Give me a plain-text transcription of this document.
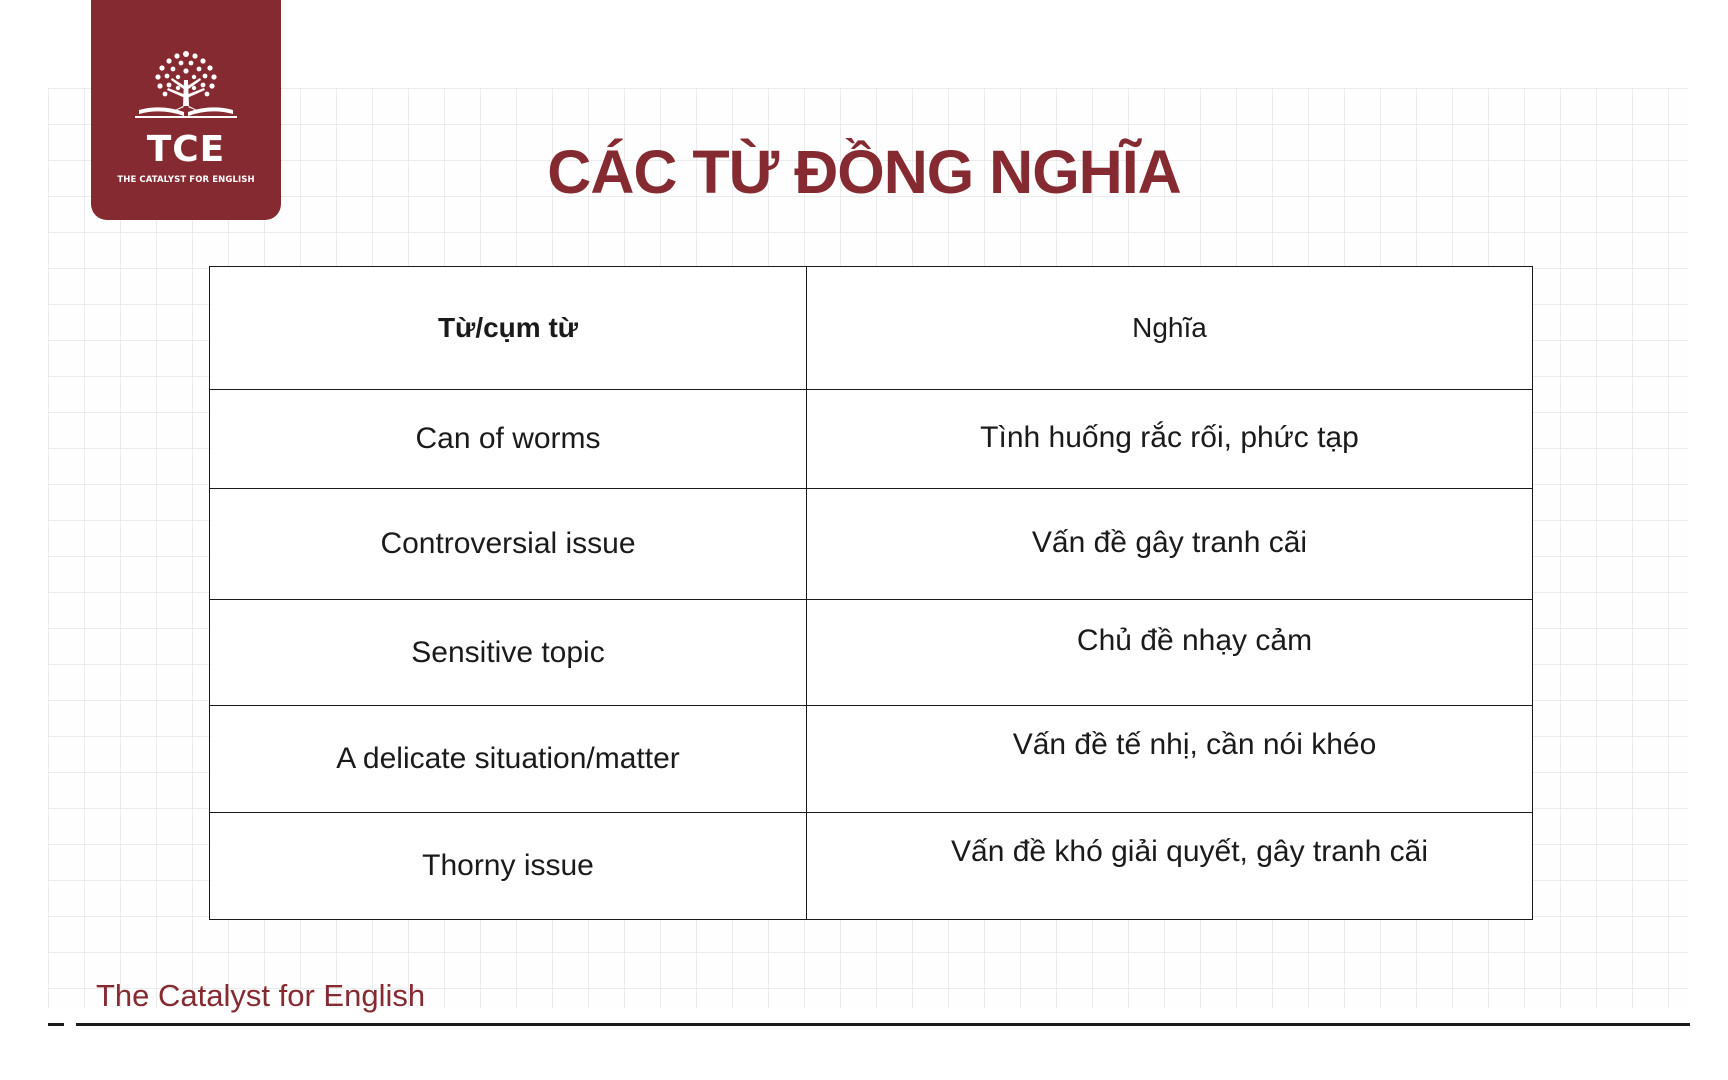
TCE
THE CATALYST FOR ENGLISH	CÁC TỪ ĐỒNG NGHĨA
Từ/cụm từ	Nghĩa
Can of worms	Tình huống rắc rối, phức tạp

Controversial issue	Vấn đề gây tranh cãi

Sensitive topic	Chủ đề nhạy cảm

A delicate situation/matter	Vấn đề tế nhị, cần nói khéo

Thorny issue	Vấn đề khó giải quyết, gây tranh cãi
The Catalyst for English
